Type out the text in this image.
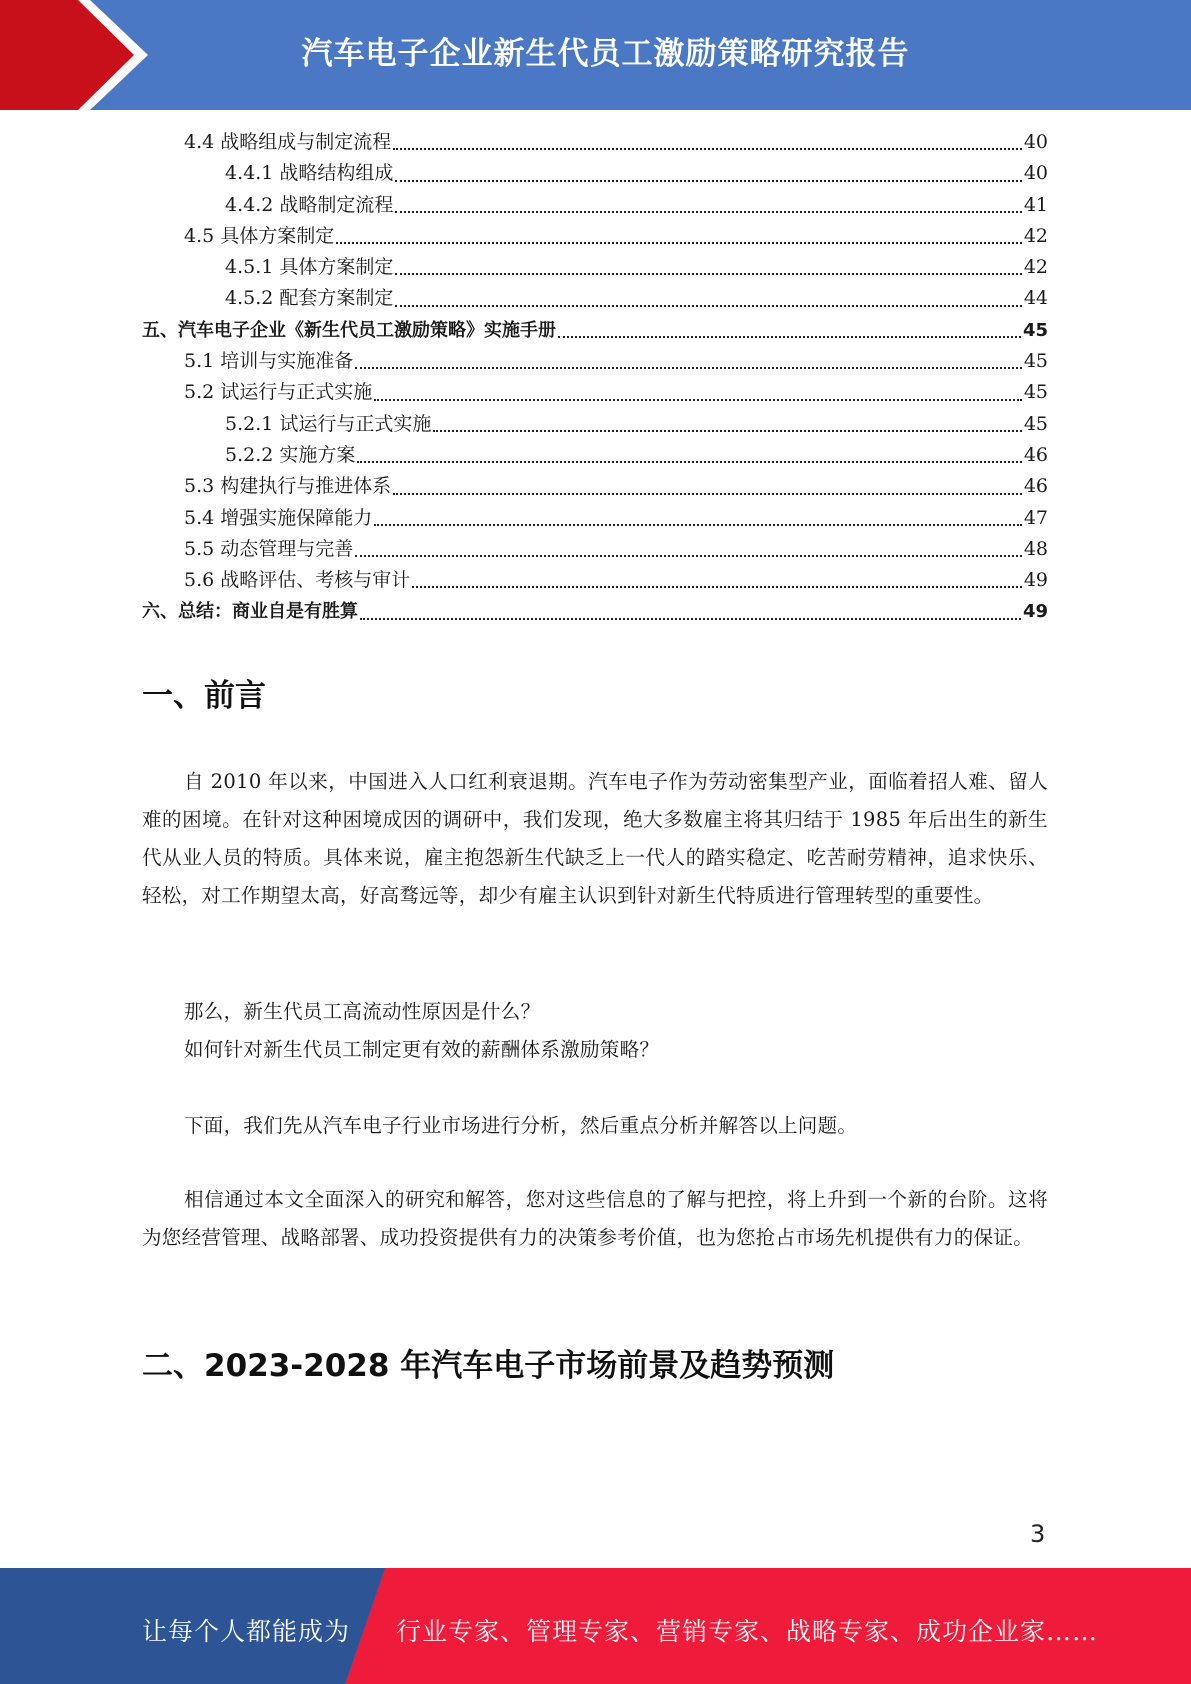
汽车电子企业新生代员工激励策略研究报告
4.4 战略组成与制定流程	40
4.4.1 战略结构组成	40
4.4.2 战略制定流程	41
4.5 具体方案制定	42
4.5.1 具体方案制定	42
4.5.2 配套方案制定	44
五、汽车电子企业《新生代员工激励策略》实施手册	45
5.1 培训与实施准备	45
5.2 试运行与正式实施	45
5.2.1 试运行与正式实施	45
5.2.2 实施方案	46
5.3 构建执行与推进体系	46
5.4 增强实施保障能力	47
5.5 动态管理与完善	48
5.6 战略评估、考核与审计	49
六、总结：商业自是有胜算	49
一、前言
自 2010 年以来，中国进入人口红利衰退期。汽车电子作为劳动密集型产业，面临着招人难、留人难的困境。在针对这种困境成因的调研中，我们发现，绝大多数雇主将其归结于 1985 年后出生的新生代从业人员的特质。具体来说，雇主抱怨新生代缺乏上一代人的踏实稳定、吃苦耐劳精神，追求快乐、轻松，对工作期望太高，好高骛远等，却少有雇主认识到针对新生代特质进行管理转型的重要性。
那么，新生代员工高流动性原因是什么？
如何针对新生代员工制定更有效的薪酬体系激励策略？
下面，我们先从汽车电子行业市场进行分析，然后重点分析并解答以上问题。
相信通过本文全面深入的研究和解答，您对这些信息的了解与把控，将上升到一个新的台阶。这将为您经营管理、战略部署、成功投资提供有力的决策参考价值，也为您抢占市场先机提供有力的保证。
二、2023-2028 年汽车电子市场前景及趋势预测
3
让每个人都能成为 行业专家、管理专家、营销专家、战略专家、成功企业家……
